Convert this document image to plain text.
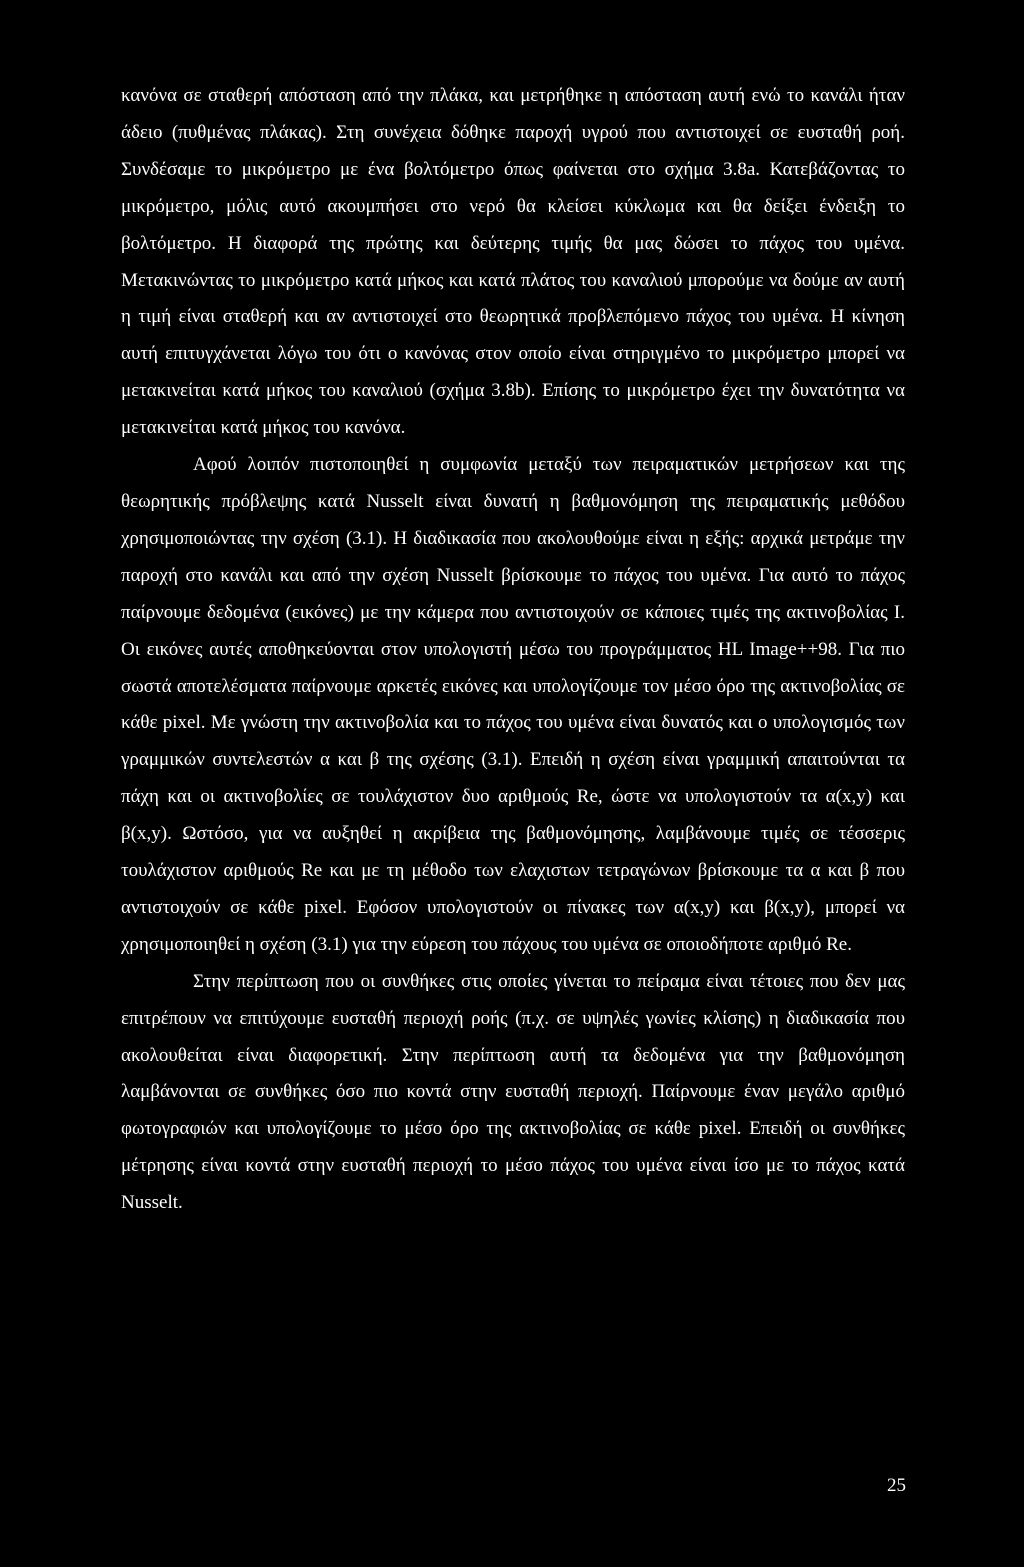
κανόνα σε σταθερή απόσταση από την πλάκα, και μετρήθηκε η απόσταση αυτή ενώ το κανάλι ήταν άδειο (πυθμένας πλάκας). Στη συνέχεια δόθηκε παροχή υγρού που αντιστοιχεί σε ευσταθή ροή. Συνδέσαμε το μικρόμετρο με ένα βολτόμετρο όπως φαίνεται στο σχήμα 3.8a. Κατεβάζοντας το μικρόμετρο, μόλις αυτό ακουμπήσει στο νερό θα κλείσει κύκλωμα και θα δείξει ένδειξη το βολτόμετρο. Η διαφορά της πρώτης και δεύτερης τιμής θα μας δώσει το πάχος του υμένα. Μετακινώντας το μικρόμετρο κατά μήκος και κατά πλάτος του καναλιού μπορούμε να δούμε αν αυτή η τιμή είναι σταθερή και αν αντιστοιχεί στο θεωρητικά προβλεπόμενο πάχος του υμένα. Η κίνηση αυτή επιτυγχάνεται λόγω του ότι ο κανόνας στον οποίο είναι στηριγμένο το μικρόμετρο μπορεί να μετακινείται κατά μήκος του καναλιού (σχήμα 3.8b). Επίσης το μικρόμετρο έχει την δυνατότητα να μετακινείται κατά μήκος του κανόνα.

Αφού λοιπόν πιστοποιηθεί η συμφωνία μεταξύ των πειραματικών μετρήσεων και της θεωρητικής πρόβλεψης κατά Nusselt είναι δυνατή η βαθμονόμηση της πειραματικής μεθόδου χρησιμοποιώντας την σχέση (3.1). Η διαδικασία που ακολουθούμε είναι η εξής: αρχικά μετράμε την παροχή στο κανάλι και από την σχέση Nusselt βρίσκουμε το πάχος του υμένα. Για αυτό το πάχος παίρνουμε δεδομένα (εικόνες) με την κάμερα που αντιστοιχούν σε κάποιες τιμές της ακτινοβολίας I. Οι εικόνες αυτές αποθηκεύονται στον υπολογιστή μέσω του προγράμματος HL Image++98. Για πιο σωστά αποτελέσματα παίρνουμε αρκετές εικόνες και υπολογίζουμε τον μέσο όρο της ακτινοβολίας σε κάθε pixel. Με γνώστη την ακτινοβολία και το πάχος του υμένα είναι δυνατός και ο υπολογισμός των γραμμικών συντελεστών α και β της σχέσης (3.1). Επειδή η σχέση είναι γραμμική απαιτούνται τα πάχη και οι ακτινοβολίες σε τουλάχιστον δυο αριθμούς Re, ώστε να υπολογιστούν τα α(x,y) και β(x,y). Ωστόσο, για να αυξηθεί η ακρίβεια της βαθμονόμησης, λαμβάνουμε τιμές σε τέσσερις τουλάχιστον αριθμούς Re και με τη μέθοδο των ελαχιστων τετραγώνων βρίσκουμε τα α και β που αντιστοιχούν σε κάθε pixel. Εφόσον υπολογιστούν οι πίνακες των α(x,y) και β(x,y), μπορεί να χρησιμοποιηθεί η σχέση (3.1) για την εύρεση του πάχους του υμένα σε οποιοδήποτε αριθμό Re.

Στην περίπτωση που οι συνθήκες στις οποίες γίνεται το πείραμα είναι τέτοιες που δεν μας επιτρέπουν να επιτύχουμε ευσταθή περιοχή ροής (π.χ. σε υψηλές γωνίες κλίσης) η διαδικασία που ακολουθείται είναι διαφορετική. Στην περίπτωση αυτή τα δεδομένα για την βαθμονόμηση λαμβάνονται σε συνθήκες όσο πιο κοντά στην ευσταθή περιοχή. Παίρνουμε έναν μεγάλο αριθμό φωτογραφιών και υπολογίζουμε το μέσο όρο της ακτινοβολίας σε κάθε pixel. Επειδή οι συνθήκες μέτρησης είναι κοντά στην ευσταθή περιοχή το μέσο πάχος του υμένα είναι ίσο με το πάχος κατά Nusselt.

25
